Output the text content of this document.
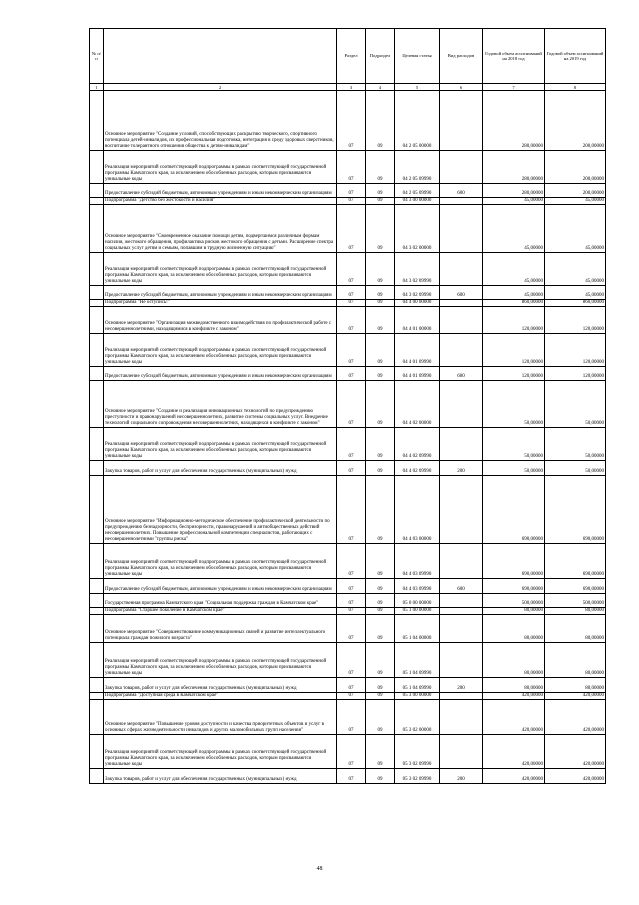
№ п/п		Раздел	Подраздел	Целевая статья	Вид расходов	Годовой объем ассигнований на 2018 год	Годовой объем ассигнований на 2019 год
1	2	3	4	5	6	7	8
	Основное мероприятие "Создание условий, способствующих раскрытию творческого, спортивного потенциала детей-инвалидов, их профессиональная подготовка, интеграция в среду здоровых сверстников, воспитание толерантного отношения общества к детям-инвалидам"	07	09	04 2 05 00000		280,00000	200,00000
	Реализация мероприятий соответствующей подпрограммы в рамках соответствующей государственной программы Камчатского края, за исключением обособленных расходов, которым присваиваются уникальные коды	07	09	04 2 05 09990		280,00000	200,00000
	Предоставление субсидий бюджетным, автономным учреждениям и иным некоммерческим организациям	07	09	04 2 05 09990	600	280,00000	200,00000
	Подпрограмма "Детство без жестокости и насилия"	07	09	04 3 00 00000		45,00000	45,00000
	Основное мероприятие "Своевременное оказание помощи детям, подвергшимся различным формам насилия, жестокого обращения, профилактика рисков жестокого обращения с детьми. Расширение спектра социальных услуг детям и семьям, попавшим в трудную жизненную ситуацию"	07	09	04 3 02 00000		45,00000	45,00000
	Реализация мероприятий соответствующей подпрограммы в рамках соответствующей государственной программы Камчатского края, за исключением обособленных расходов, которым присваиваются уникальные коды	07	09	04 3 02 09990		45,00000	45,00000
	Предоставление субсидий бюджетным, автономным учреждениям и иным некоммерческим организациям	07	09	04 3 02 09990	600	45,00000	45,00000
	Подпрограмма "Не оступись!"	07	09	04 4 00 00000		860,00000	860,00000
	Основное мероприятие "Организация межведомственного взаимодействия по профилактической работе с несовершеннолетними, находящимися в конфликте с законом"	07	09	04 4 01 00000		120,00000	120,00000
	Реализация мероприятий соответствующей подпрограммы в рамках соответствующей государственной программы Камчатского края, за исключением обособленных расходов, которым присваиваются уникальные коды	07	09	04 4 01 09990		120,00000	120,00000
	Предоставление субсидий бюджетным, автономным учреждениям и иным некоммерческим организациям	07	09	04 4 01 09990	600	120,00000	120,00000
	Основное мероприятие "Создание и реализация инновационных технологий по предупреждению преступности и правонарушений несовершеннолетних, развитие системы социальных услуг. Внедрение технологий социального сопровождения несовершеннолетних, находящихся в конфликте с законом"	07	09	04 4 02 00000		50,00000	50,00000
	Реализация мероприятий соответствующей подпрограммы в рамках соответствующей государственной программы Камчатского края, за исключением обособленных расходов, которым присваиваются уникальные коды	07	09	04 4 02 09990		50,00000	50,00000
	Закупка товаров, работ и услуг для обеспечения государственных (муниципальных) нужд	07	09	04 4 02 09990	200	50,00000	50,00000
	Основное мероприятие "Информационно-методическое обеспечение профилактической деятельности по предупреждению безнадзорности, беспризорности, правонарушений и антиобщественных действий несовершеннолетних. Повышение профессиональной компетенции специалистов, работающих с несовершеннолетними "группы риска"	07	09	04 4 03 00000		690,00000	690,00000
	Реализация мероприятий соответствующей подпрограммы в рамках соответствующей государственной программы Камчатского края, за исключением обособленных расходов, которым присваиваются уникальные коды	07	09	04 4 03 09990		690,00000	690,00000
	Предоставление субсидий бюджетным, автономным учреждениям и иным некоммерческим организациям	07	09	04 4 03 09990	600	690,00000	690,00000
	Государственная программа Камчатского края "Социальная поддержка граждан в Камчатском крае"	07	09	05 0 00 00000		500,00000	500,00000
	Подпрограмма "Старшее поколение в Камчатском крае"	07	09	05 1 00 00000		80,00000	80,00000
	Основное мероприятие "Совершенствование коммуникационных связей и развитие интеллектуального потенциала граждан пожилого возраста"	07	09	05 1 04 00000		80,00000	80,00000
	Реализация мероприятий соответствующей подпрограммы в рамках соответствующей государственной программы Камчатского края, за исключением обособленных расходов, которым присваиваются уникальные коды	07	09	05 1 04 09990		80,00000	80,00000
	Закупка товаров, работ и услуг для обеспечения государственных (муниципальных) нужд	07	09	05 1 04 09990	200	80,00000	80,00000
	Подпрограмма "Доступная среда в Камчатском крае"	07	09	05 3 00 00000		420,00000	420,00000
	Основное мероприятие "Повышение уровня доступности и качества приоритетных объектов и услуг в основных сферах жизнедеятельности инвалидов и других маломобильных групп населения"	07	09	05 3 02 00000		420,00000	420,00000
	Реализация мероприятий соответствующей подпрограммы в рамках соответствующей государственной программы Камчатского края, за исключением обособленных расходов, которым присваиваются уникальные коды	07	09	05 3 02 09990		420,00000	420,00000
	Закупка товаров, работ и услуг для обеспечения государственных (муниципальных) нужд	07	09	05 3 02 09990	200	420,00000	420,00000
48
